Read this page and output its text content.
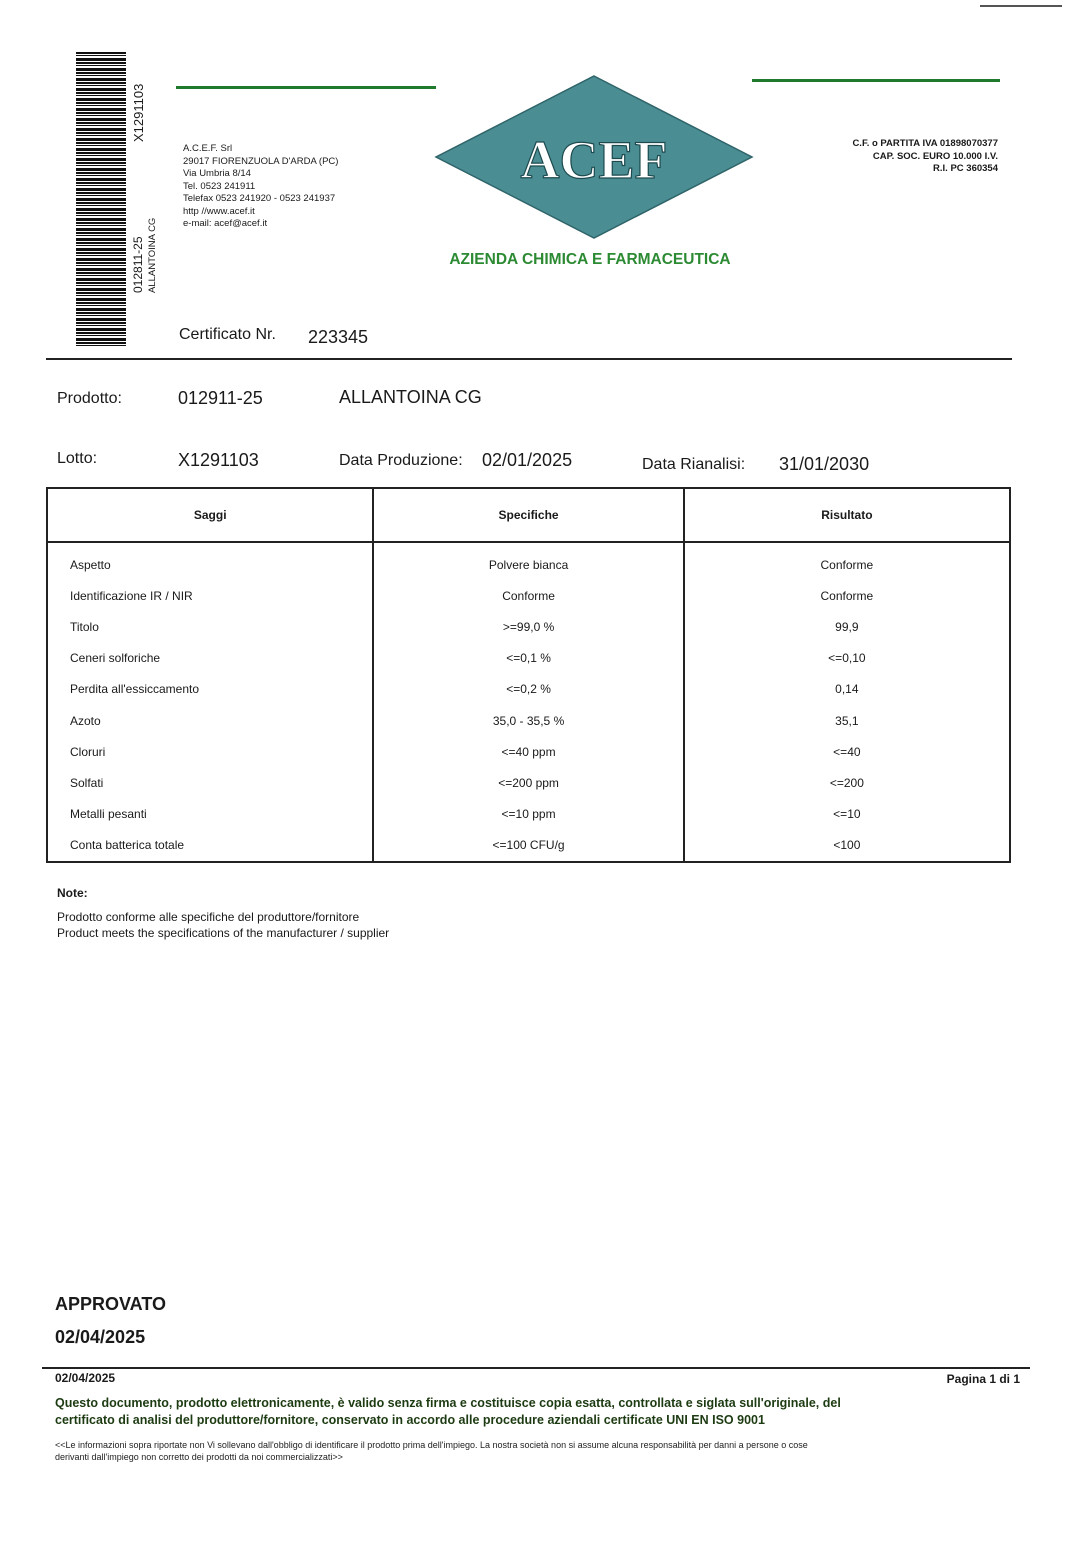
X1291103
012811-25 ALLANTOINA CG
A.C.E.F. Srl
29017 FIORENZUOLA D'ARDA (PC)
Via Umbria 8/14
Tel. 0523 241911
Telefax 0523 241920 - 0523 241937
http //www.acef.it
e-mail: acef@acef.it
ACEF
AZIENDA CHIMICA E FARMACEUTICA
C.F. o PARTITA IVA 01898070377
CAP. SOC. EURO 10.000 I.V.
R.I. PC 360354
Certificato Nr. 223345
Prodotto:	012911-25	ALLANTOINA CG
Lotto:	X1291103	Data Produzione: 02/01/2025	Data Rianalisi: 31/01/2030
Saggi	Specifiche	Risultato
Aspetto	Polvere bianca	Conforme
Identificazione IR / NIR	Conforme	Conforme
Titolo	>=99,0 %	99,9
Ceneri solforiche	<=0,1 %	<=0,10
Perdita all'essiccamento	<=0,2 %	0,14
Azoto	35,0 - 35,5 %	35,1
Cloruri	<=40 ppm	<=40
Solfati	<=200 ppm	<=200
Metalli pesanti	<=10 ppm	<=10
Conta batterica totale	<=100 CFU/g	<100
Note:
Prodotto conforme alle specifiche del produttore/fornitore
Product meets the specifications of the manufacturer / supplier
APPROVATO
02/04/2025
02/04/2025	Pagina 1 di 1
Questo documento, prodotto elettronicamente, è valido senza firma e costituisce copia esatta, controllata e siglata sull'originale, del
certificato di analisi del produttore/fornitore, conservato in accordo alle procedure aziendali certificate UNI EN ISO 9001
<<Le informazioni sopra riportate non Vi sollevano dall'obbligo di identificare il prodotto prima dell'impiego. La nostra società non si assume alcuna responsabilità per danni a persone o cose
derivanti dall'impiego non corretto dei prodotti da noi commercializzati>>
